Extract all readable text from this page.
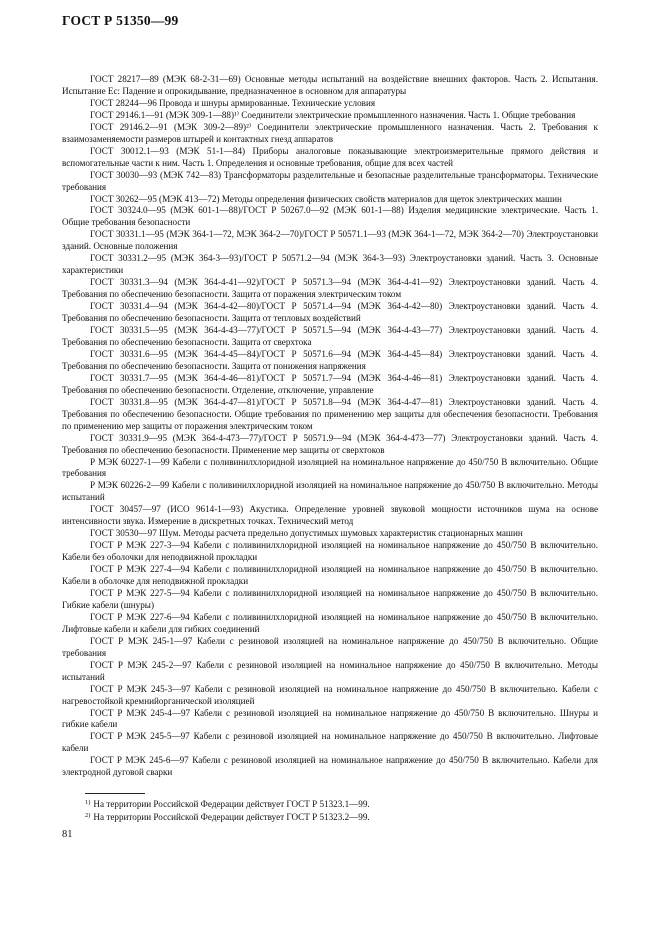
ГОСТ Р 51350—99

ГОСТ 28217—89 (МЭК 68-2-31—69) Основные методы испытаний на воздействие внешних факторов. Часть 2. Испытания. Испытание Ec: Падение и опрокидывание, предназначенное в основном для аппаратуры

ГОСТ 28244—96 Провода и шнуры армированные. Технические условия

ГОСТ 29146.1—91 (МЭК 309-1—88)¹⁾ Соединители электрические промышленного назначения. Часть 1. Общие требования

ГОСТ 29146.2—91 (МЭК 309-2—89)²⁾ Соединители электрические промышленного назначения. Часть 2. Требования к взаимозаменяемости размеров штырей и контактных гнезд аппаратов

ГОСТ 30012.1—93 (МЭК 51-1—84) Приборы аналоговые показывающие электроизмерительные прямого действия и вспомогательные части к ним. Часть 1. Определения и основные требования, общие для всех частей

ГОСТ 30030—93 (МЭК 742—83) Трансформаторы разделительные и безопасные разделительные трансформаторы. Технические требования

ГОСТ 30262—95 (МЭК 413—72) Методы определения физических свойств материалов для щеток электрических машин

ГОСТ 30324.0—95 (МЭК 601-1—88)/ГОСТ Р 50267.0—92 (МЭК 601-1—88) Изделия медицинские электрические. Часть 1. Общие требования безопасности

ГОСТ 30331.1—95 (МЭК 364-1—72, МЭК 364-2—70)/ГОСТ Р 50571.1—93 (МЭК 364-1—72, МЭК 364-2—70) Электроустановки зданий. Основные положения

ГОСТ 30331.2—95 (МЭК 364-3—93)/ГОСТ Р 50571.2—94 (МЭК 364-3—93) Электроустановки зданий. Часть 3. Основные характеристики

ГОСТ 30331.3—94 (МЭК 364-4-41—92)/ГОСТ Р 50571.3—94 (МЭК 364-4-41—92) Электроустановки зданий. Часть 4. Требования по обеспечению безопасности. Защита от поражения электрическим током

ГОСТ 30331.4—94 (МЭК 364-4-42—80)/ГОСТ Р 50571.4—94 (МЭК 364-4-42—80) Электроустановки зданий. Часть 4. Требования по обеспечению безопасности. Защита от тепловых воздействий

ГОСТ 30331.5—95 (МЭК 364-4-43—77)/ГОСТ Р 50571.5—94 (МЭК 364-4-43—77) Электроустановки зданий. Часть 4. Требования по обеспечению безопасности. Защита от сверхтока

ГОСТ 30331.6—95 (МЭК 364-4-45—84)/ГОСТ Р 50571.6—94 (МЭК 364-4-45—84) Электроустановки зданий. Часть 4. Требования по обеспечению безопасности. Защита от понижения напряжения

ГОСТ 30331.7—95 (МЭК 364-4-46—81)/ГОСТ Р 50571.7—94 (МЭК 364-4-46—81) Электроустановки зданий. Часть 4. Требования по обеспечению безопасности. Отделение, отключение, управление

ГОСТ 30331.8—95 (МЭК 364-4-47—81)/ГОСТ Р 50571.8—94 (МЭК 364-4-47—81) Электроустановки зданий. Часть 4. Требования по обеспечению безопасности. Общие требования по применению мер защиты для обеспечения безопасности. Требования по применению мер защиты от поражения электрическим током

ГОСТ 30331.9—95 (МЭК 364-4-473—77)/ГОСТ Р 50571.9—94 (МЭК 364-4-473—77) Электроустановки зданий. Часть 4. Требования по обеспечению безопасности. Применение мер защиты от сверхтоков

Р МЭК 60227-1—99 Кабели с поливинилхлоридной изоляцией на номинальное напряжение до 450/750 В включительно. Общие требования

Р МЭК 60226-2—99 Кабели с поливинилхлоридной изоляцией на номинальное напряжение до 450/750 В включительно. Методы испытаний

ГОСТ 30457—97 (ИСО 9614-1—93) Акустика. Определение уровней звуковой мощности источников шума на основе интенсивности звука. Измерение в дискретных точках. Технический метод

ГОСТ 30530—97 Шум. Методы расчета предельно допустимых шумовых характеристик стационарных машин

ГОСТ Р МЭК 227-3—94 Кабели с поливинилхлоридной изоляцией на номинальное напряжение до 450/750 В включительно. Кабели без оболочки для неподвижной прокладки

ГОСТ Р МЭК 227-4—94 Кабели с поливинилхлоридной изоляцией на номинальное напряжение до 450/750 В включительно. Кабели в оболочке для неподвижной прокладки

ГОСТ Р МЭК 227-5—94 Кабели с поливинилхлоридной изоляцией на номинальное напряжение до 450/750 В включительно. Гибкие кабели (шнуры)

ГОСТ Р МЭК 227-6—94 Кабели с поливинилхлоридной изоляцией на номинальное напряжение до 450/750 В включительно. Лифтовые кабели и кабели для гибких соединений

ГОСТ Р МЭК 245-1—97 Кабели с резиновой изоляцией на номинальное напряжение до 450/750 В включительно. Общие требования

ГОСТ Р МЭК 245-2—97 Кабели с резиновой изоляцией на номинальное напряжение до 450/750 В включительно. Методы испытаний

ГОСТ Р МЭК 245-3—97 Кабели с резиновой изоляцией на номинальное напряжение до 450/750 В включительно. Кабели с нагревостойкой кремнийорганической изоляцией

ГОСТ Р МЭК 245-4—97 Кабели с резиновой изоляцией на номинальное напряжение до 450/750 В включительно. Шнуры и гибкие кабели

ГОСТ Р МЭК 245-5—97 Кабели с резиновой изоляцией на номинальное напряжение до 450/750 В включительно. Лифтовые кабели

ГОСТ Р МЭК 245-6—97 Кабели с резиновой изоляцией на номинальное напряжение до 450/750 В включительно. Кабели для электродной дуговой сварки

$^{1)}$ На территории Российской Федерации действует ГОСТ Р 51323.1—99.

$^{2)}$ На территории Российской Федерации действует ГОСТ Р 51323.2—99.

81
